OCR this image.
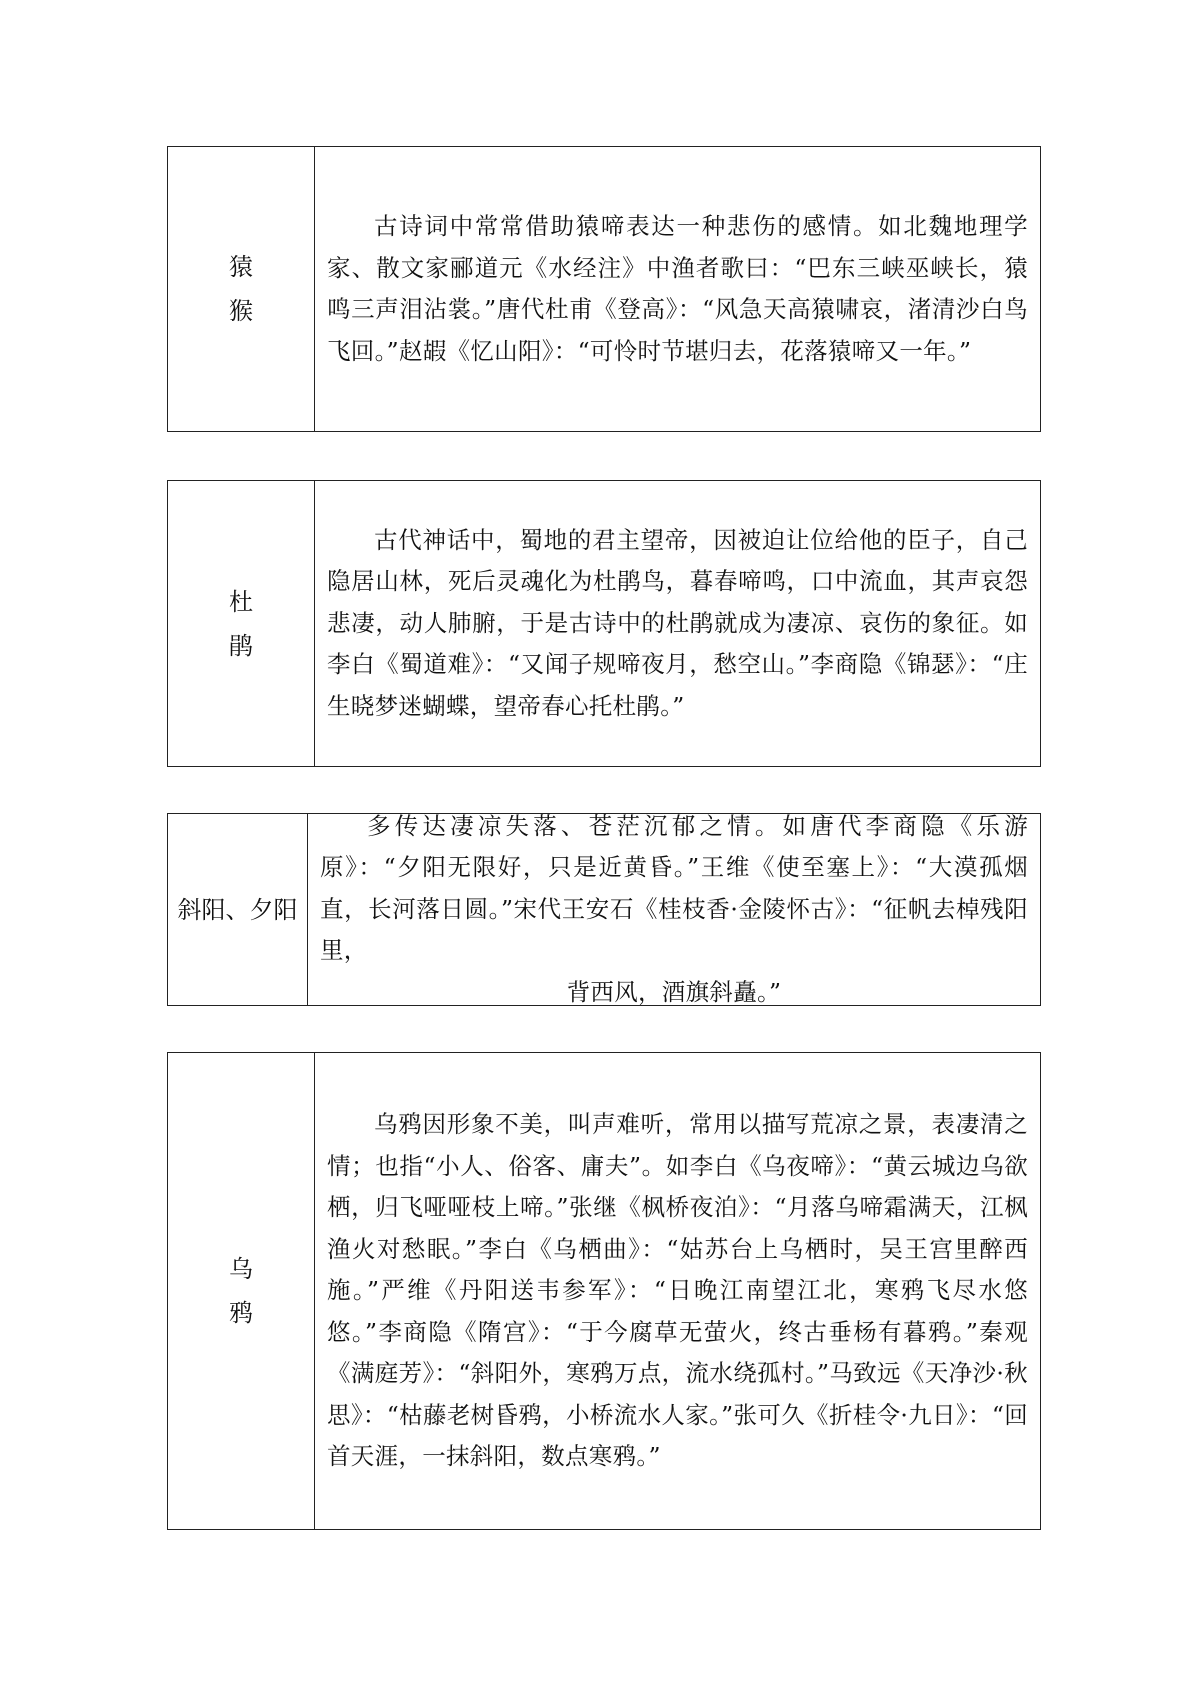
猿猴

古诗词中常常借助猿啼表达一种悲伤的感情。如北魏地理学家、散文家郦道元《水经注》中渔者歌曰：“巴东三峡巫峡长，猿鸣三声泪沾裳。”唐代杜甫《登高》：“风急天高猿啸哀，渚清沙白鸟飞回。”赵嘏《忆山阳》：“可怜时节堪归去，花落猿啼又一年。”

杜鹃

古代神话中，蜀地的君主望帝，因被迫让位给他的臣子，自己隐居山林，死后灵魂化为杜鹃鸟，暮春啼鸣，口中流血，其声哀怨悲凄，动人肺腑，于是古诗中的杜鹃就成为凄凉、哀伤的象征。如李白《蜀道难》：“又闻子规啼夜月，愁空山。”李商隐《锦瑟》：“庄生晓梦迷蝴蝶，望帝春心托杜鹃。”

斜阳、夕阳

多传达凄凉失落、苍茫沉郁之情。如唐代李商隐《乐游原》：“夕阳无限好，只是近黄昏。”王维《使至塞上》：“大漠孤烟直，长河落日圆。”宋代王安石《桂枝香·金陵怀古》：“征帆去棹残阳里，
背西风，酒旗斜矗。”

乌鸦

乌鸦因形象不美，叫声难听，常用以描写荒凉之景，表凄清之情；也指“小人、俗客、庸夫”。如李白《乌夜啼》：“黄云城边乌欲栖，归飞哑哑枝上啼。”张继《枫桥夜泊》：“月落乌啼霜满天，江枫渔火对愁眠。”李白《乌栖曲》：“姑苏台上乌栖时，吴王宫里醉西施。”严维《丹阳送韦参军》：“日晚江南望江北，寒鸦飞尽水悠悠。”李商隐《隋宫》：“于今腐草无萤火，终古垂杨有暮鸦。”秦观《满庭芳》：“斜阳外，寒鸦万点，流水绕孤村。”马致远《天净沙·秋思》：“枯藤老树昏鸦，小桥流水人家。”张可久《折桂令·九日》：“回首天涯，一抹斜阳，数点寒鸦。”
